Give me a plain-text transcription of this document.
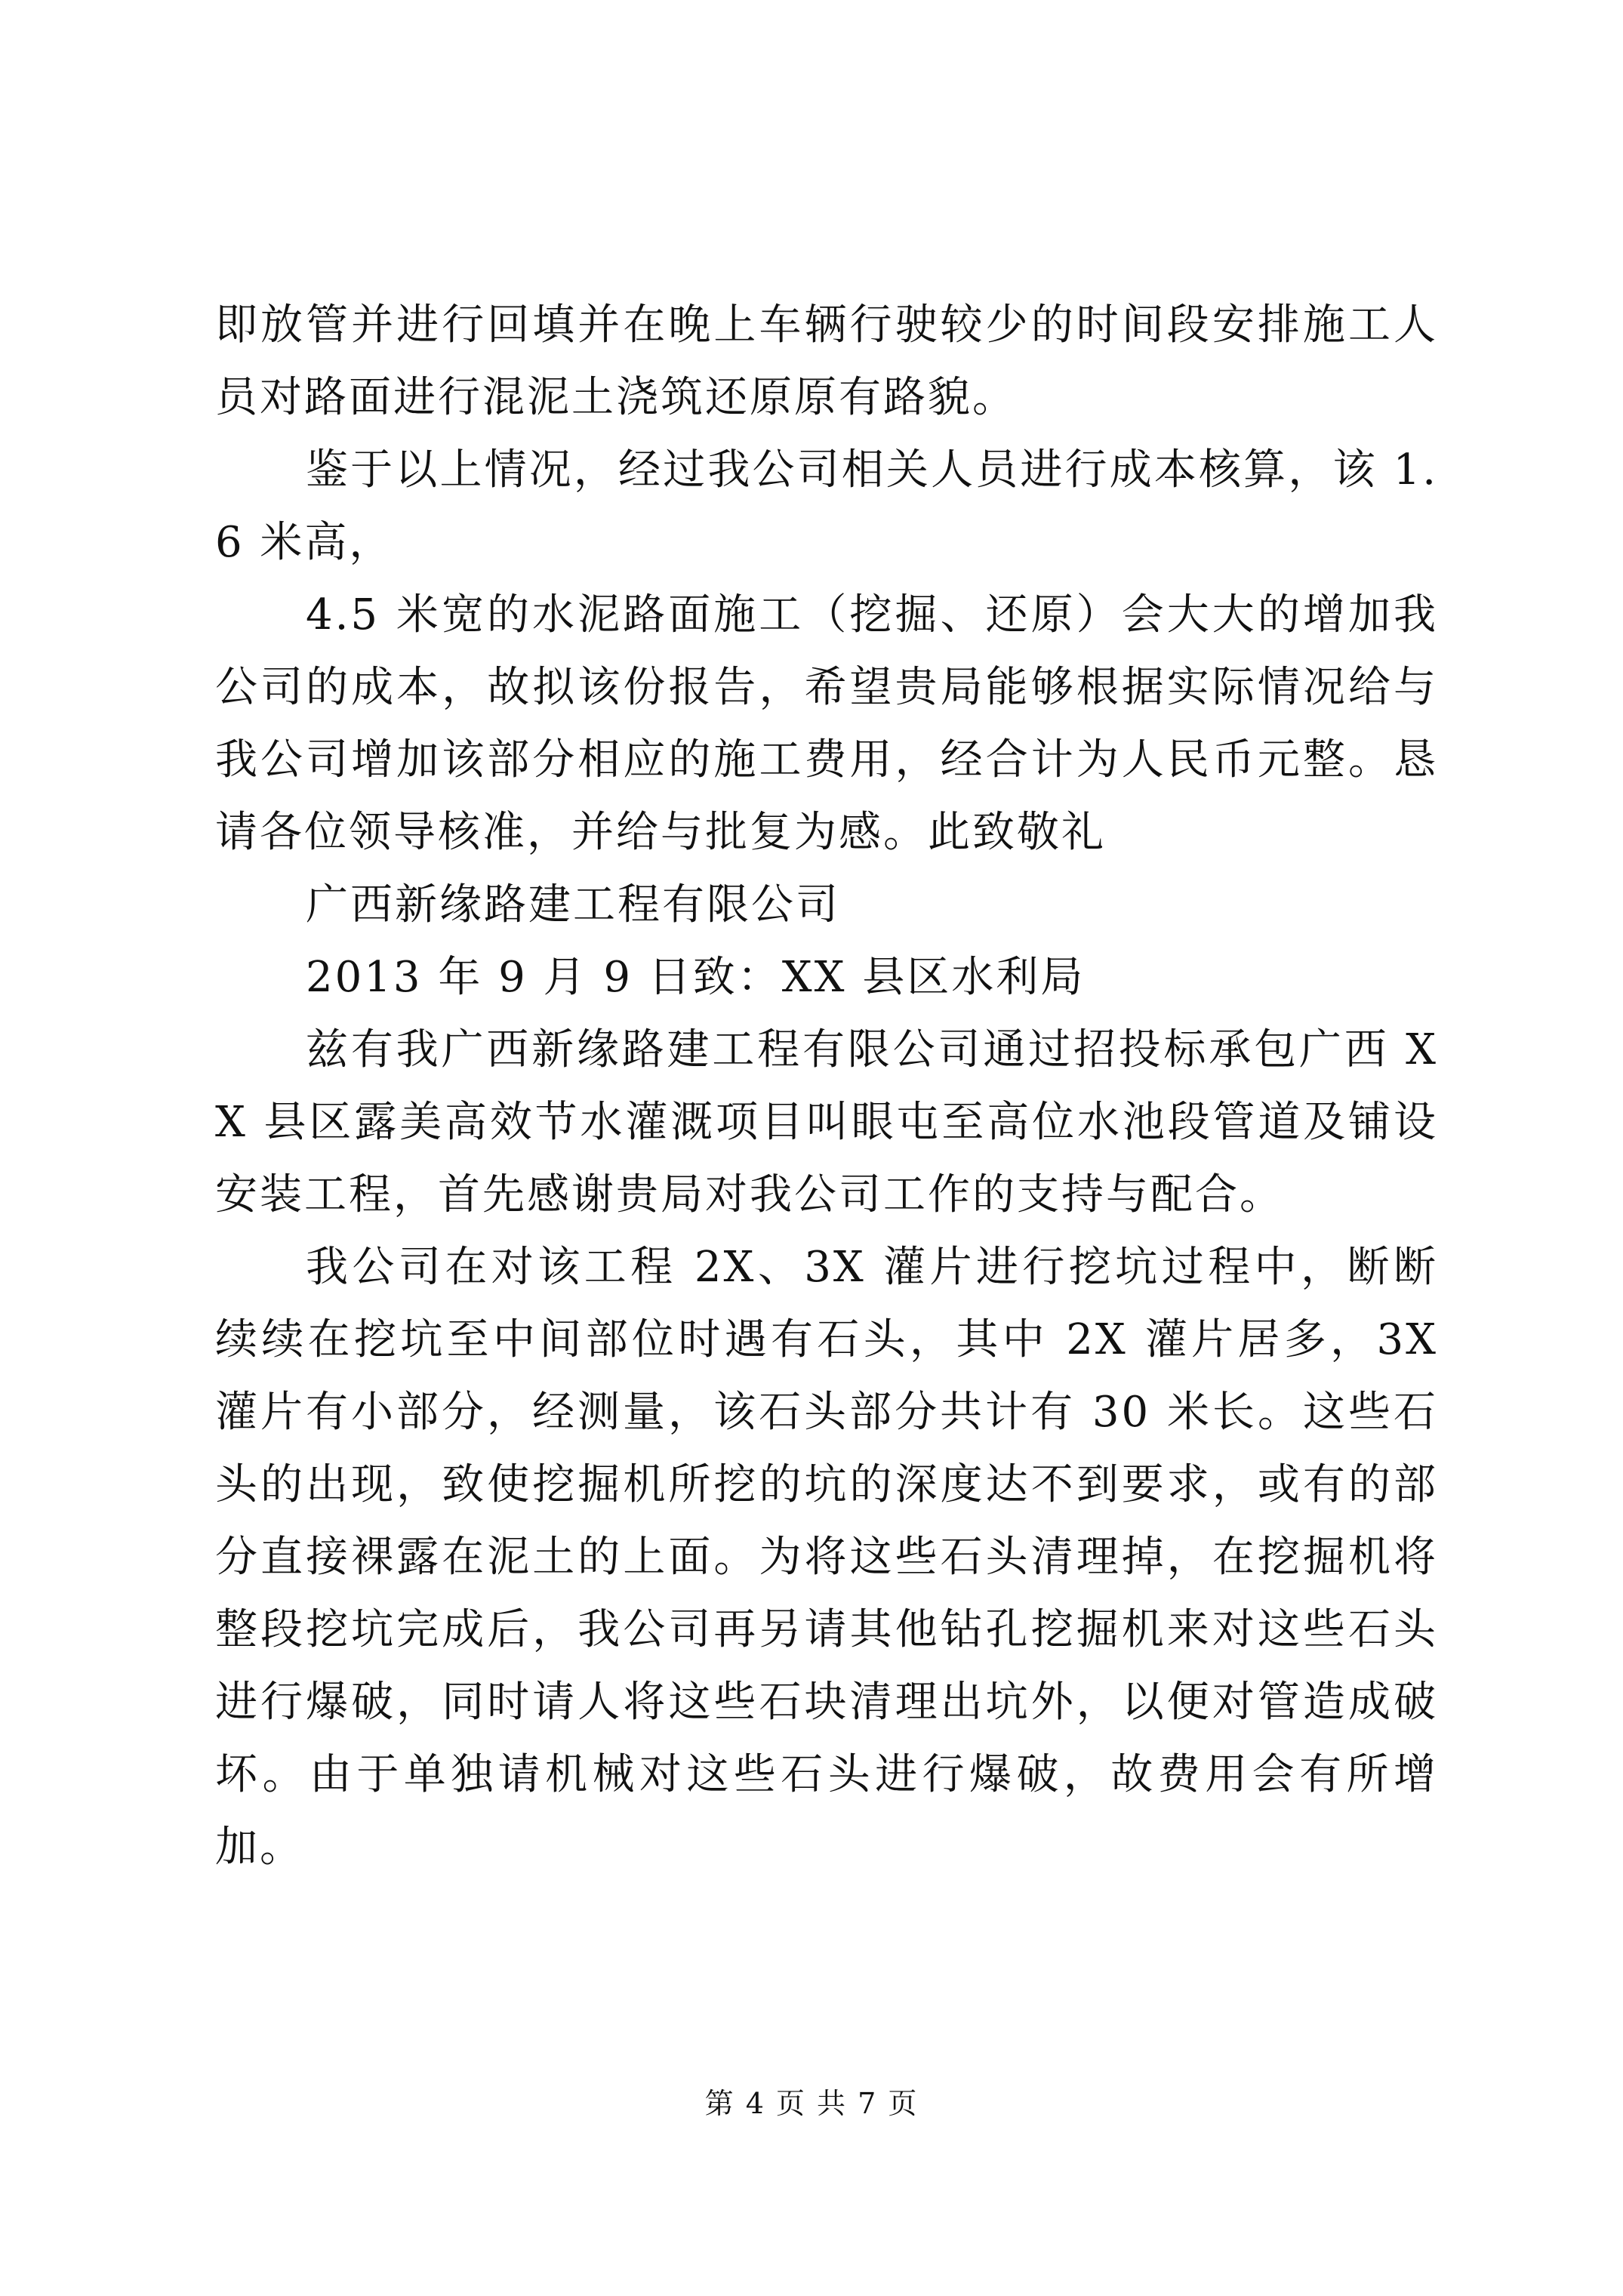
即放管并进行回填并在晚上车辆行驶较少的时间段安排施工人员对路面进行混泥土浇筑还原原有路貌。

鉴于以上情况，经过我公司相关人员进行成本核算，该 1.6 米高，

4.5 米宽的水泥路面施工（挖掘、还原）会大大的增加我公司的成本，故拟该份报告，希望贵局能够根据实际情况给与我公司增加该部分相应的施工费用，经合计为人民币元整。恳请各位领导核准，并给与批复为感。此致敬礼

广西新缘路建工程有限公司

2013 年 9 月 9 日致：XX 县区水利局

兹有我广西新缘路建工程有限公司通过招投标承包广西 XX 县区露美高效节水灌溉项目叫眼屯至高位水池段管道及铺设安装工程，首先感谢贵局对我公司工作的支持与配合。

我公司在对该工程 2X、3X 灌片进行挖坑过程中，断断续续在挖坑至中间部位时遇有石头，其中 2X 灌片居多，3X 灌片有小部分，经测量，该石头部分共计有 30 米长。这些石头的出现，致使挖掘机所挖的坑的深度达不到要求，或有的部分直接裸露在泥土的上面。为将这些石头清理掉，在挖掘机将整段挖坑完成后，我公司再另请其他钻孔挖掘机来对这些石头进行爆破，同时请人将这些石块清理出坑外，以便对管造成破坏。由于单独请机械对这些石头进行爆破，故费用会有所增加。

第 4 页 共 7 页
